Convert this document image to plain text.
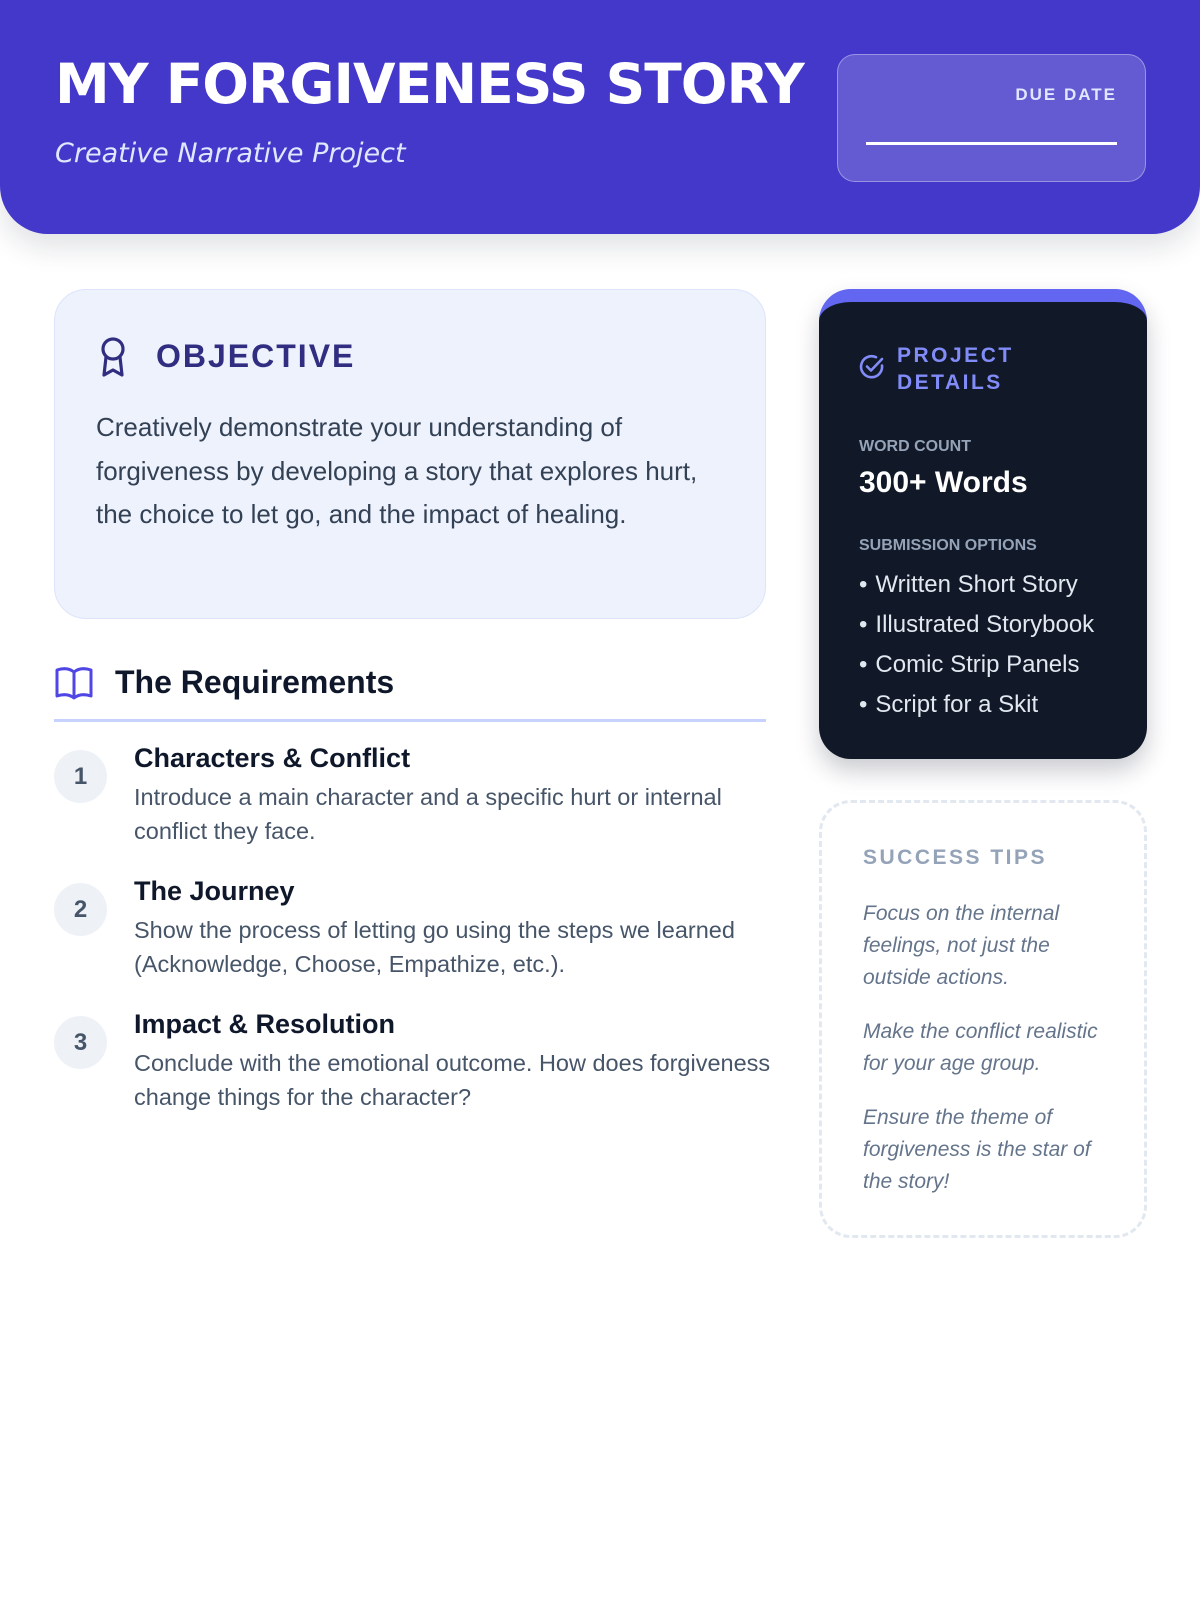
MY FORGIVENESS STORY
Creative Narrative Project
DUE DATE
OBJECTIVE
Creatively demonstrate your understanding of forgiveness by developing a story that explores hurt, the choice to let go, and the impact of healing.
The Requirements
1
Characters & Conflict
Introduce a main character and a specific hurt or internal conflict they face.
2
The Journey
Show the process of letting go using the steps we learned (Acknowledge, Choose, Empathize, etc.).
3
Impact & Resolution
Conclude with the emotional outcome. How does forgiveness change things for the character?
PROJECT DETAILS
WORD COUNT
300+ Words
SUBMISSION OPTIONS
• Written Short Story
• Illustrated Storybook
• Comic Strip Panels
• Script for a Skit
SUCCESS TIPS
Focus on the internal feelings, not just the outside actions.
Make the conflict realistic for your age group.
Ensure the theme of forgiveness is the star of the story!
